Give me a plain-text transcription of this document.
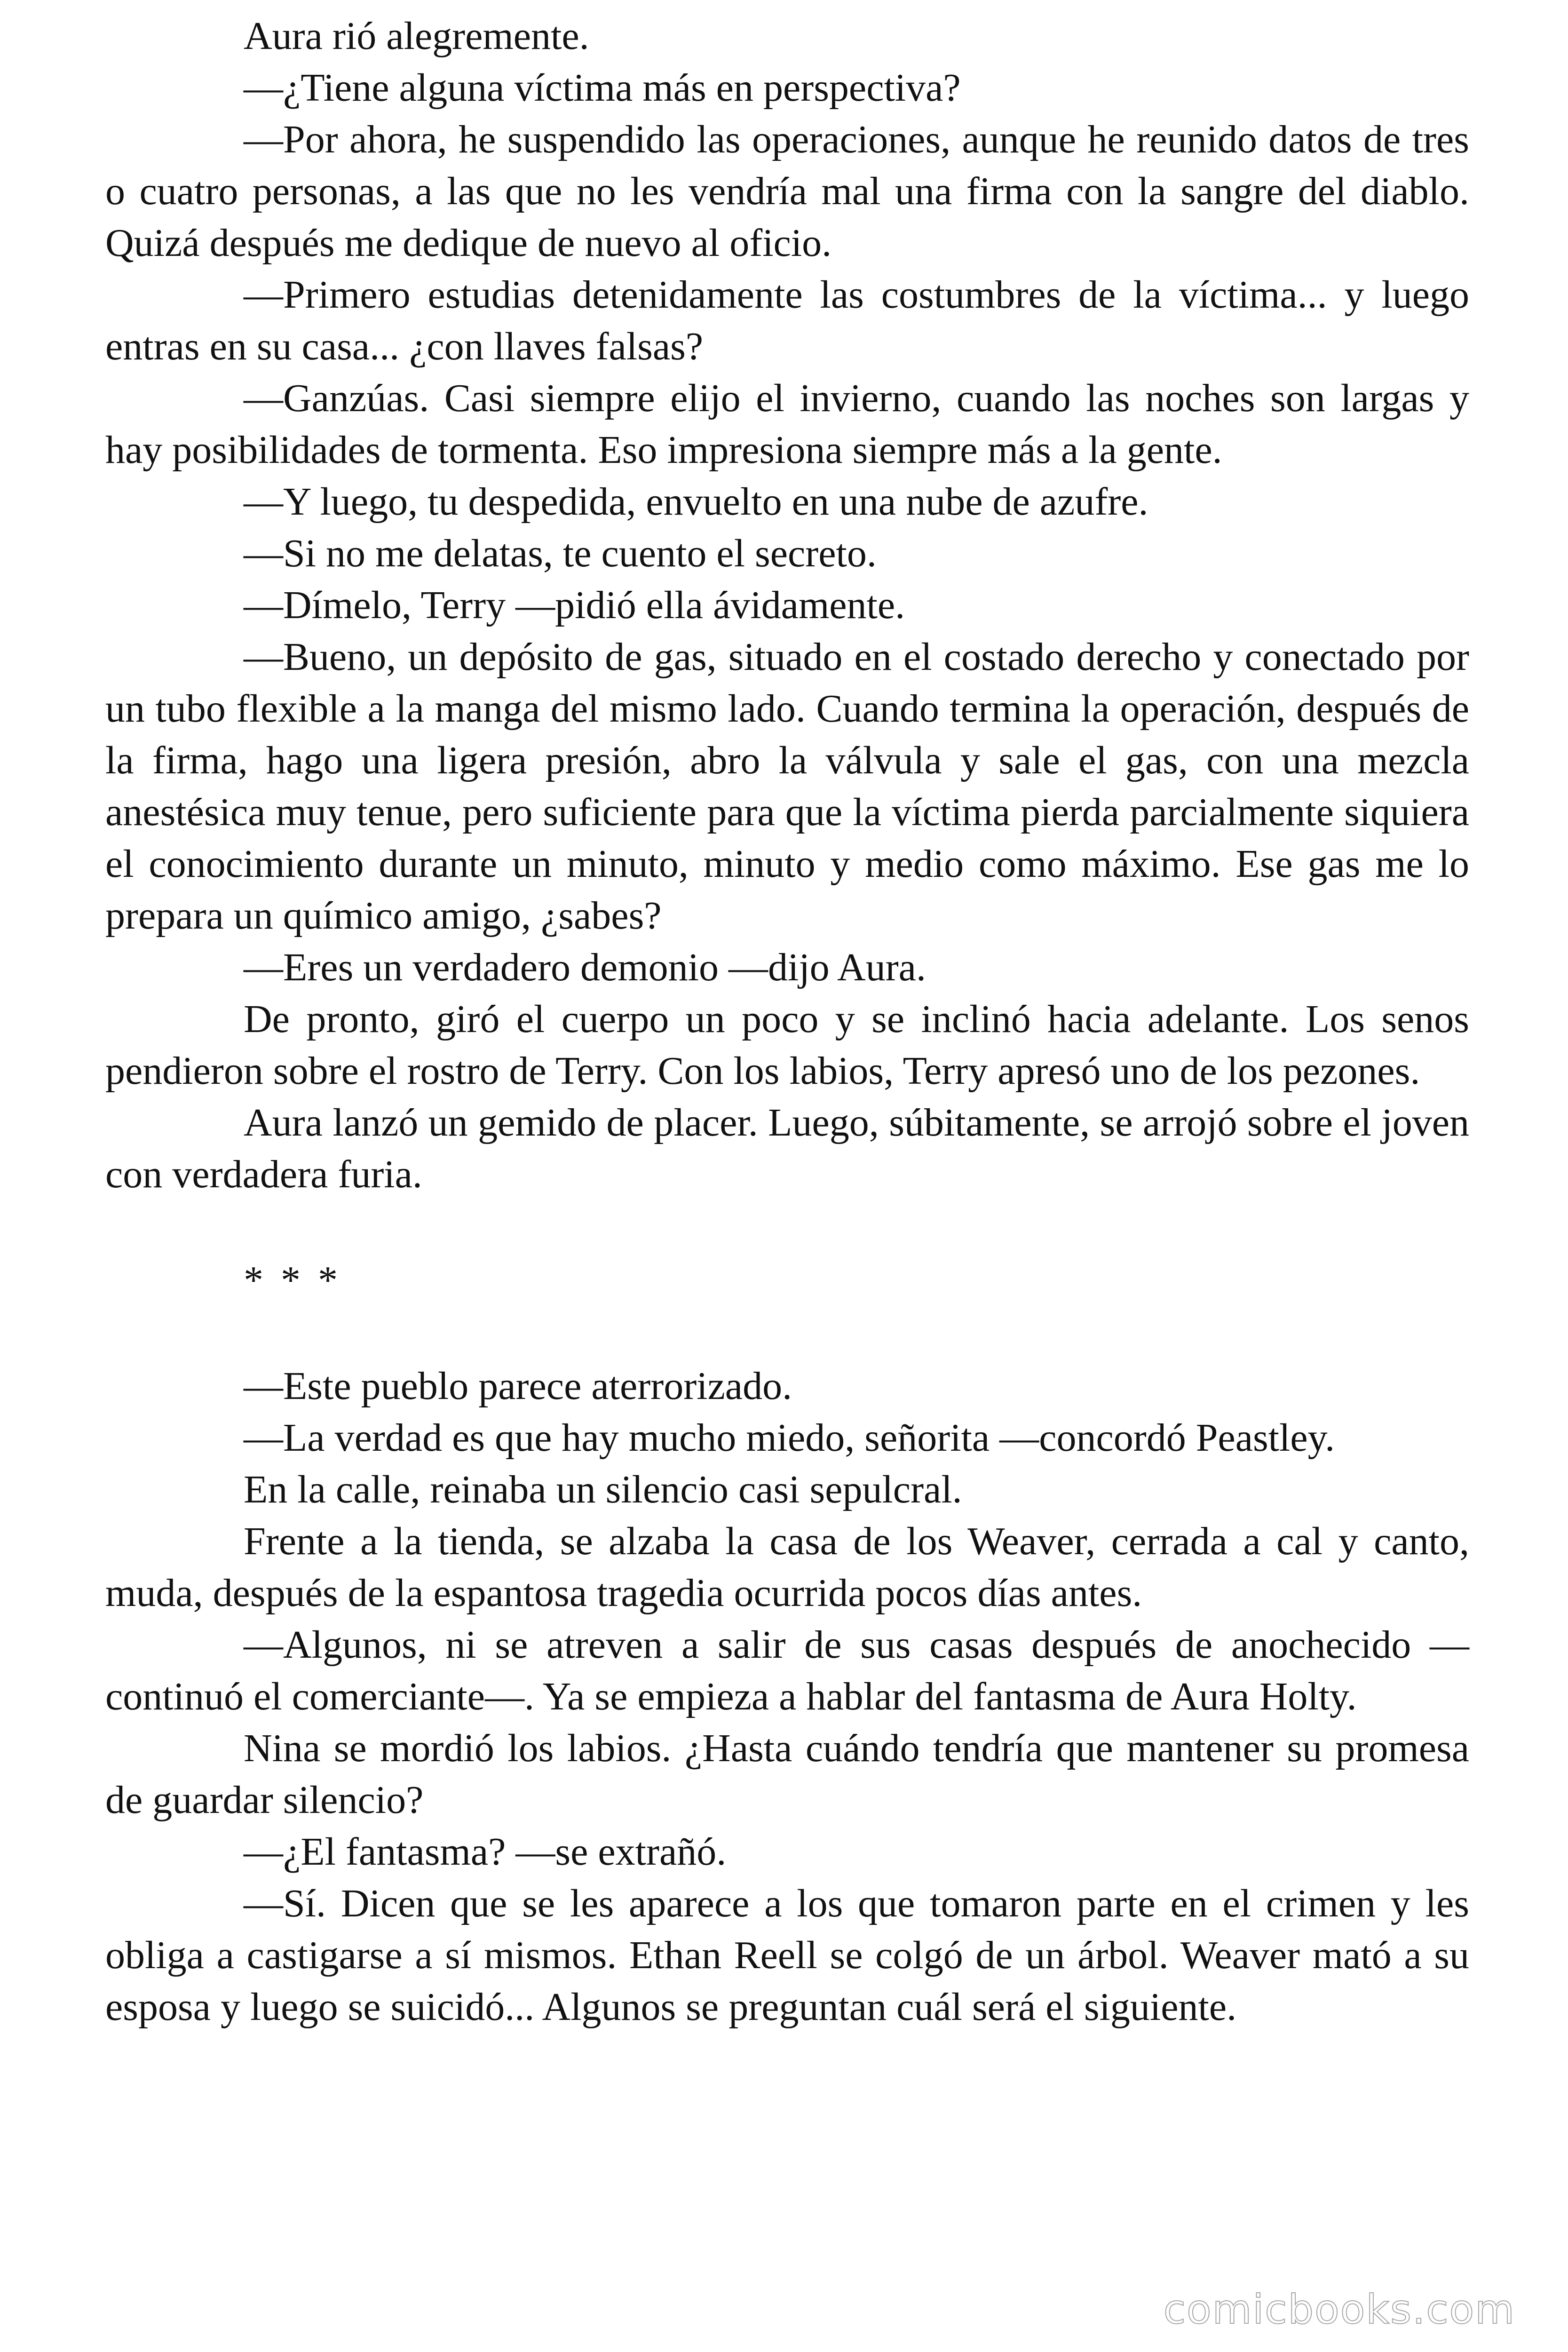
Aura rió alegremente.

—¿Tiene alguna víctima más en perspectiva?

—Por ahora, he suspendido las operaciones, aunque he reunido datos de tres o cuatro personas, a las que no les vendría mal una firma con la sangre del diablo. Quizá después me dedique de nuevo al oficio.

—Primero estudias detenidamente las costumbres de la víctima... y luego entras en su casa... ¿con llaves falsas?

—Ganzúas. Casi siempre elijo el invierno, cuando las noches son largas y hay posibilidades de tormenta. Eso impresiona siempre más a la gente.

—Y luego, tu despedida, envuelto en una nube de azufre.

—Si no me delatas, te cuento el secreto.

—Dímelo, Terry —pidió ella ávidamente.

—Bueno, un depósito de gas, situado en el costado derecho y conectado por un tubo flexible a la manga del mismo lado. Cuando termina la operación, después de la firma, hago una ligera presión, abro la válvula y sale el gas, con una mezcla anestésica muy tenue, pero suficiente para que la víctima pierda parcialmente siquiera el conocimiento durante un minuto, minuto y medio como máximo. Ese gas me lo prepara un químico amigo, ¿sabes?

—Eres un verdadero demonio —dijo Aura.

De pronto, giró el cuerpo un poco y se inclinó hacia adelante. Los senos pendieron sobre el rostro de Terry. Con los labios, Terry apresó uno de los pezones.

Aura lanzó un gemido de placer. Luego, súbitamente, se arrojó sobre el joven con verdadera furia.

* * *

—Este pueblo parece aterrorizado.

—La verdad es que hay mucho miedo, señorita —concordó Peastley.

En la calle, reinaba un silencio casi sepulcral.

Frente a la tienda, se alzaba la casa de los Weaver, cerrada a cal y canto, muda, después de la espantosa tragedia ocurrida pocos días antes.

—Algunos, ni se atreven a salir de sus casas después de anochecido —continuó el comerciante—. Ya se empieza a hablar del fantasma de Aura Holty.

Nina se mordió los labios. ¿Hasta cuándo tendría que mantener su promesa de guardar silencio?

—¿El fantasma? —se extrañó.

—Sí. Dicen que se les aparece a los que tomaron parte en el crimen y les obliga a castigarse a sí mismos. Ethan Reell se colgó de un árbol. Weaver mató a su esposa y luego se suicidó... Algunos se preguntan cuál será el siguiente.

comicbooks.com
